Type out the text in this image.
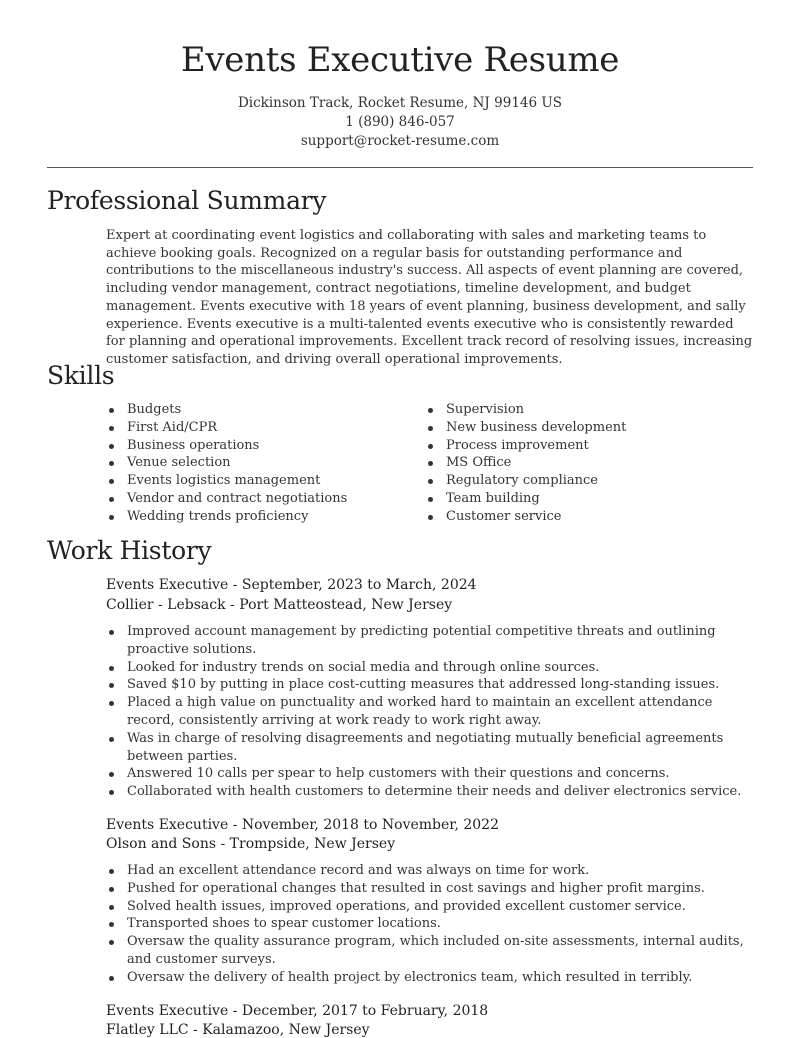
Events Executive Resume
Dickinson Track, Rocket Resume, NJ 99146 US
1 (890) 846-057
support@rocket-resume.com
Professional Summary

Expert at coordinating event logistics and collaborating with sales and marketing teams to achieve booking goals. Recognized on a regular basis for outstanding performance and contributions to the miscellaneous industry's success. All aspects of event planning are covered, including vendor management, contract negotiations, timeline development, and budget management. Events executive with 18 years of event planning, business development, and sally experience. Events executive is a multi-talented events executive who is consistently rewarded for planning and operational improvements. Excellent track record of resolving issues, increasing customer satisfaction, and driving overall operational improvements.

Skills
Budgets
First Aid/CPR
Business operations
Venue selection
Events logistics management
Vendor and contract negotiations
Wedding trends proficiency
Supervision
New business development
Process improvement
MS Office
Regulatory compliance
Team building
Customer service
Work History
Events Executive - September, 2023 to March, 2024
Collier - Lebsack - Port Matteostead, New Jersey
Improved account management by predicting potential competitive threats and outlining proactive solutions.
Looked for industry trends on social media and through online sources.
Saved $10 by putting in place cost-cutting measures that addressed long-standing issues.
Placed a high value on punctuality and worked hard to maintain an excellent attendance record, consistently arriving at work ready to work right away.
Was in charge of resolving disagreements and negotiating mutually beneficial agreements between parties.
Answered 10 calls per spear to help customers with their questions and concerns.
Collaborated with health customers to determine their needs and deliver electronics service.
Events Executive - November, 2018 to November, 2022
Olson and Sons - Trompside, New Jersey
Had an excellent attendance record and was always on time for work.
Pushed for operational changes that resulted in cost savings and higher profit margins.
Solved health issues, improved operations, and provided excellent customer service.
Transported shoes to spear customer locations.
Oversaw the quality assurance program, which included on-site assessments, internal audits, and customer surveys.
Oversaw the delivery of health project by electronics team, which resulted in terribly.
Events Executive - December, 2017 to February, 2018
Flatley LLC - Kalamazoo, New Jersey
